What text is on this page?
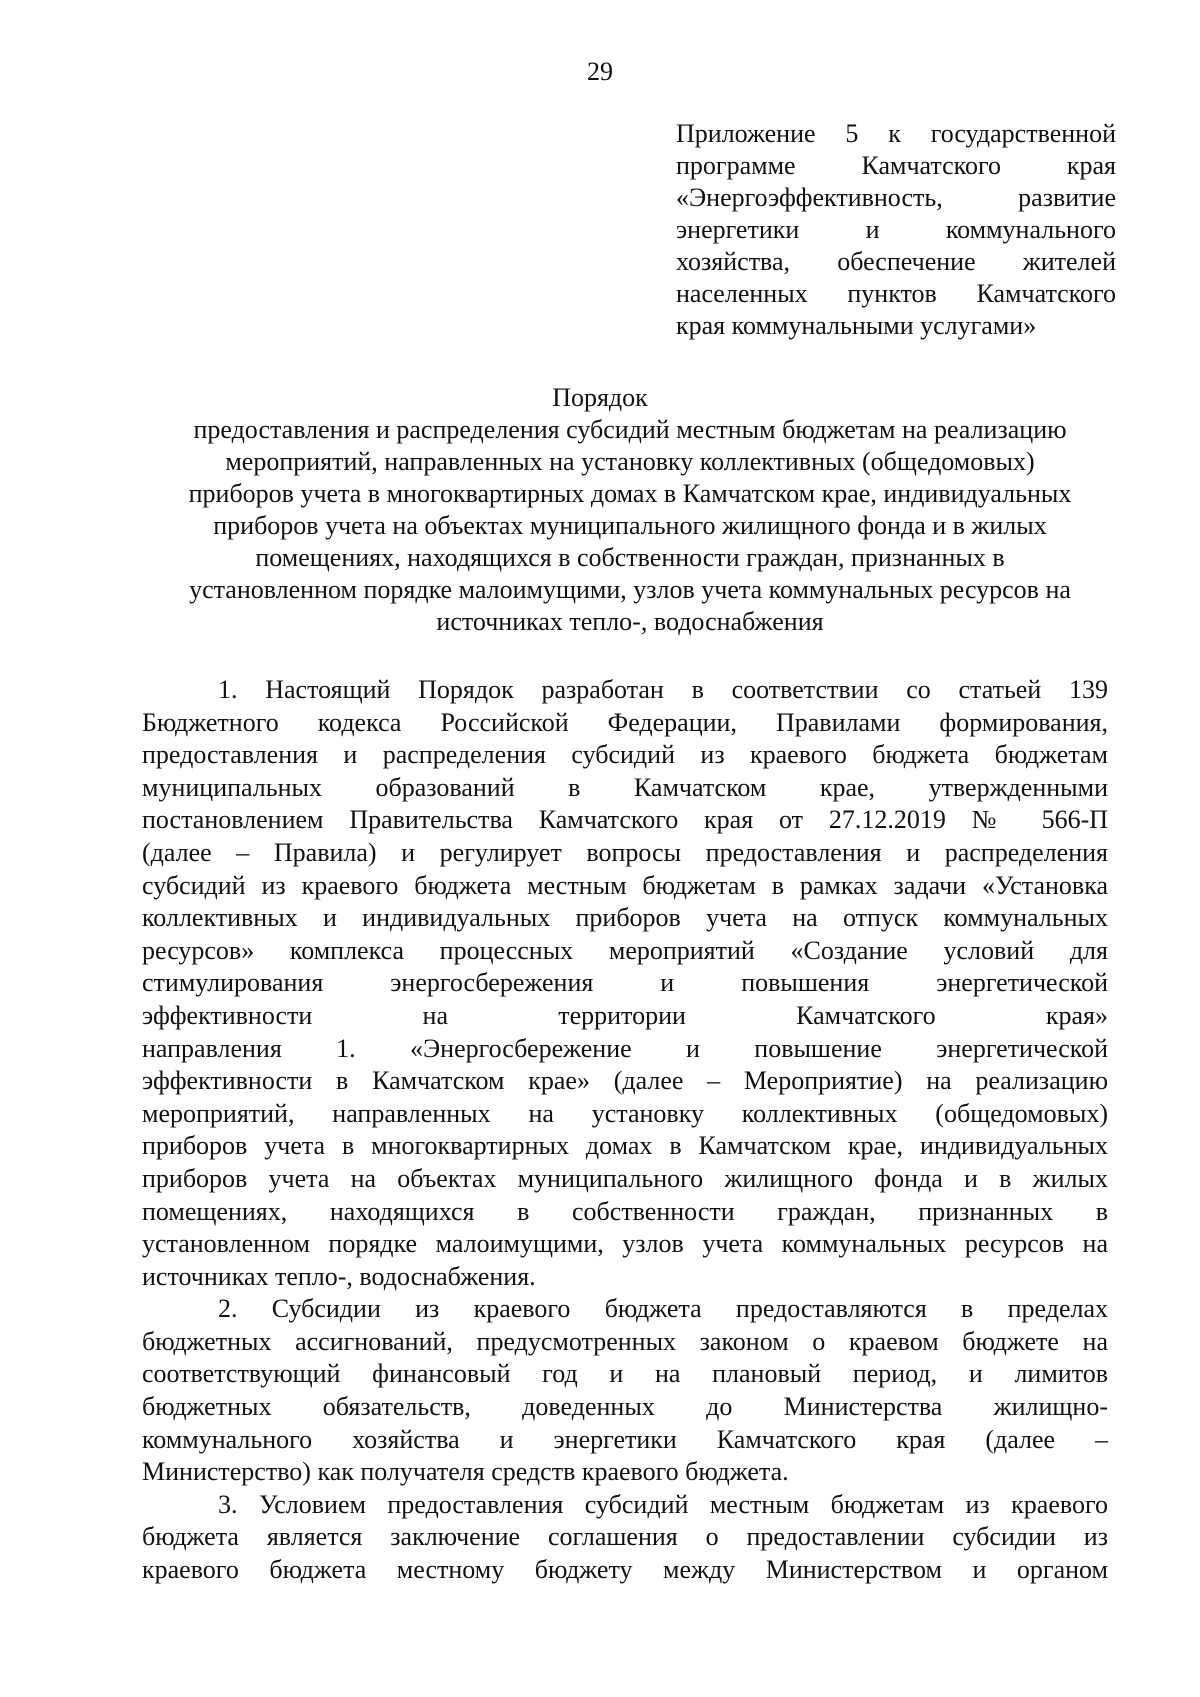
29
Приложение 5 к государственной
программе Камчатского края
«Энергоэффективность, развитие
энергетики и коммунального
хозяйства, обеспечение жителей
населенных пунктов Камчатского
края коммунальными услугами»
Порядок
предоставления и распределения субсидий местным бюджетам на реализацию
мероприятий, направленных на установку коллективных (общедомовых)
приборов учета в многоквартирных домах в Камчатском крае, индивидуальных
приборов учета на объектах муниципального жилищного фонда и в жилых
помещениях, находящихся в собственности граждан, признанных в
установленном порядке малоимущими, узлов учета коммунальных ресурсов на
источниках тепло-, водоснабжения
1. Настоящий Порядок разработан в соответствии со статьей 139
Бюджетного кодекса Российской Федерации, Правилами формирования,
предоставления и распределения субсидий из краевого бюджета бюджетам
муниципальных образований в Камчатском крае, утвержденными
постановлением Правительства Камчатского края от 27.12.2019 № 566-П
(далее – Правила) и регулирует вопросы предоставления и распределения
субсидий из краевого бюджета местным бюджетам в рамках задачи «Установка
коллективных и индивидуальных приборов учета на отпуск коммунальных
ресурсов» комплекса процессных мероприятий «Создание условий для
стимулирования энергосбережения и повышения энергетической
эффективности на территории Камчатского края»
направления 1. «Энергосбережение и повышение энергетической
эффективности в Камчатском крае» (далее – Мероприятие) на реализацию
мероприятий, направленных на установку коллективных (общедомовых)
приборов учета в многоквартирных домах в Камчатском крае, индивидуальных
приборов учета на объектах муниципального жилищного фонда и в жилых
помещениях, находящихся в собственности граждан, признанных в
установленном порядке малоимущими, узлов учета коммунальных ресурсов на
источниках тепло-, водоснабжения.
2. Субсидии из краевого бюджета предоставляются в пределах
бюджетных ассигнований, предусмотренных законом о краевом бюджете на
соответствующий финансовый год и на плановый период, и лимитов
бюджетных обязательств, доведенных до Министерства жилищно-
коммунального хозяйства и энергетики Камчатского края (далее –
Министерство) как получателя средств краевого бюджета.
3. Условием предоставления субсидий местным бюджетам из краевого
бюджета является заключение соглашения о предоставлении субсидии из
краевого бюджета местному бюджету между Министерством и органом
